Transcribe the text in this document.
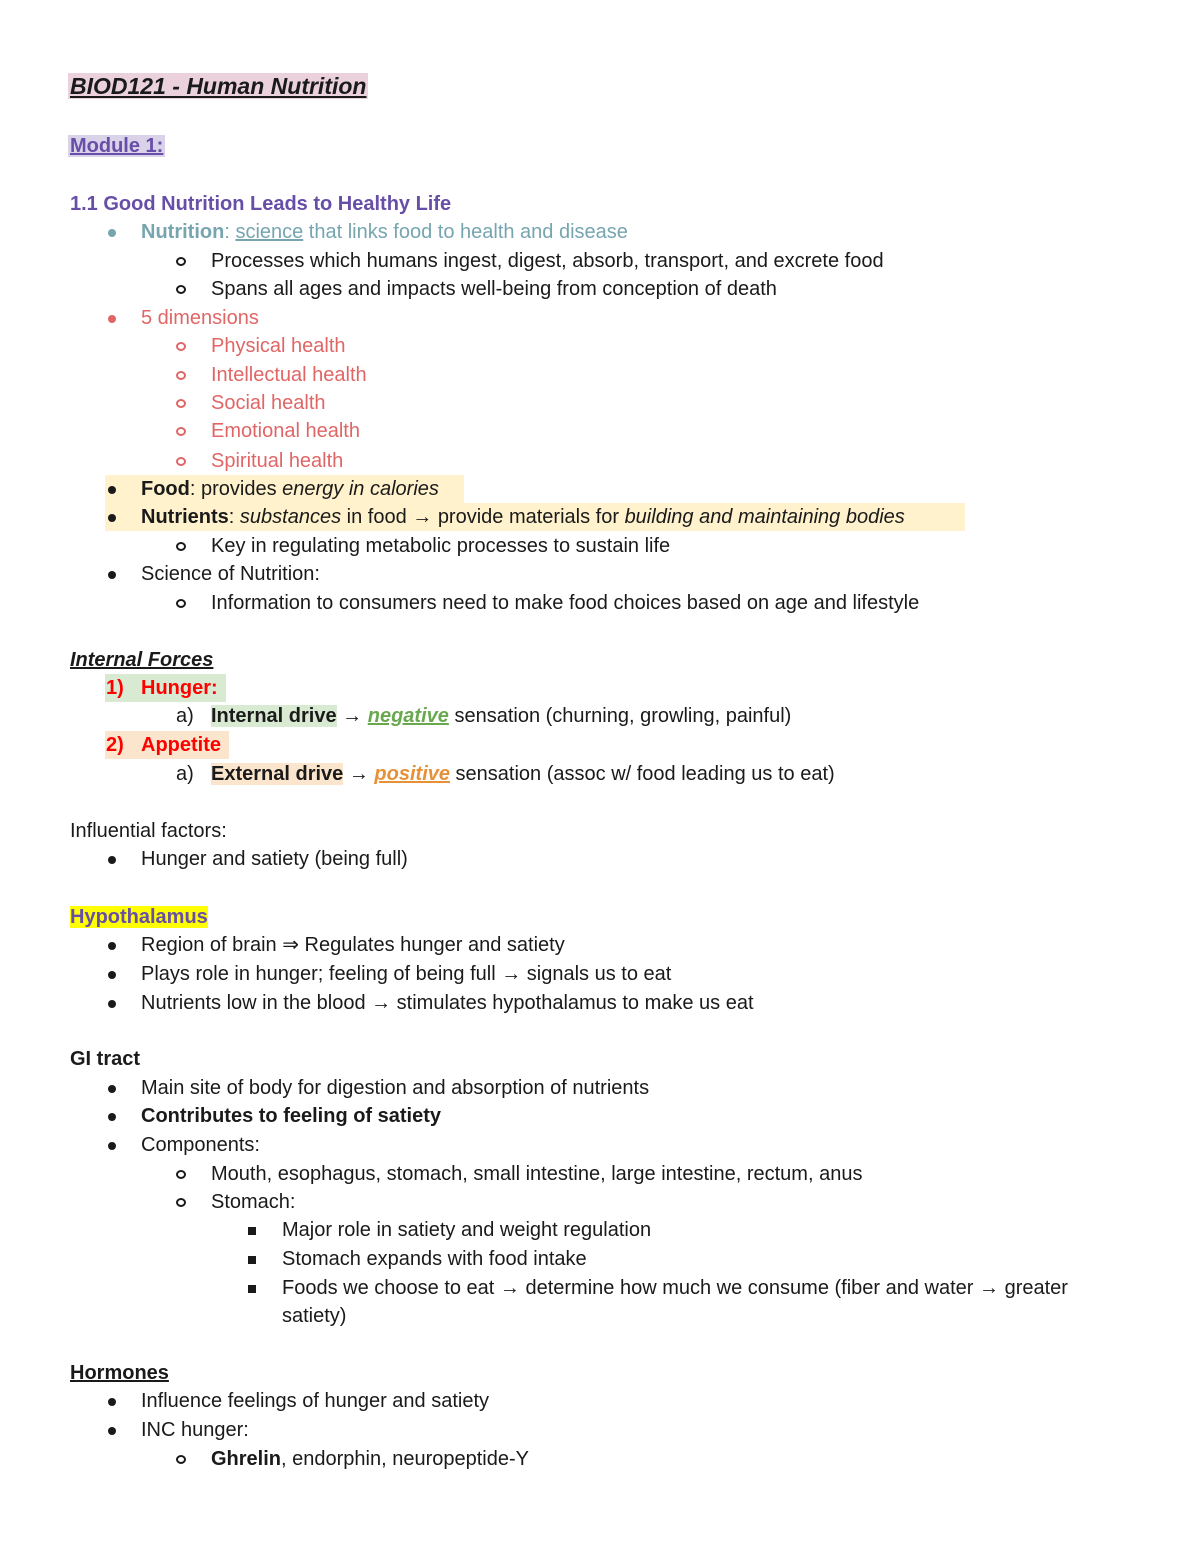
BIOD121 - Human Nutrition
Module 1:
1.1 Good Nutrition Leads to Healthy Life
Nutrition: science that links food to health and disease
Processes which humans ingest, digest, absorb, transport, and excrete food
Spans all ages and impacts well-being from conception of death
5 dimensions
Physical health
Intellectual health
Social health
Emotional health
Spiritual health
Food: provides energy in calories
Nutrients: substances in food → provide materials for building and maintaining bodies
Key in regulating metabolic processes to sustain life
Science of Nutrition:
Information to consumers need to make food choices based on age and lifestyle
Internal Forces
1) Hunger:
a) Internal drive → negative sensation (churning, growling, painful)
2) Appetite
a) External drive → positive sensation (assoc w/ food leading us to eat)
Influential factors:
Hunger and satiety (being full)
Hypothalamus
Region of brain ⇒ Regulates hunger and satiety
Plays role in hunger; feeling of being full → signals us to eat
Nutrients low in the blood → stimulates hypothalamus to make us eat
GI tract
Main site of body for digestion and absorption of nutrients
Contributes to feeling of satiety
Components:
Mouth, esophagus, stomach, small intestine, large intestine, rectum, anus
Stomach:
Major role in satiety and weight regulation
Stomach expands with food intake
Foods we choose to eat → determine how much we consume (fiber and water → greater
satiety)
Hormones
Influence feelings of hunger and satiety
INC hunger:
Ghrelin, endorphin, neuropeptide-Y
